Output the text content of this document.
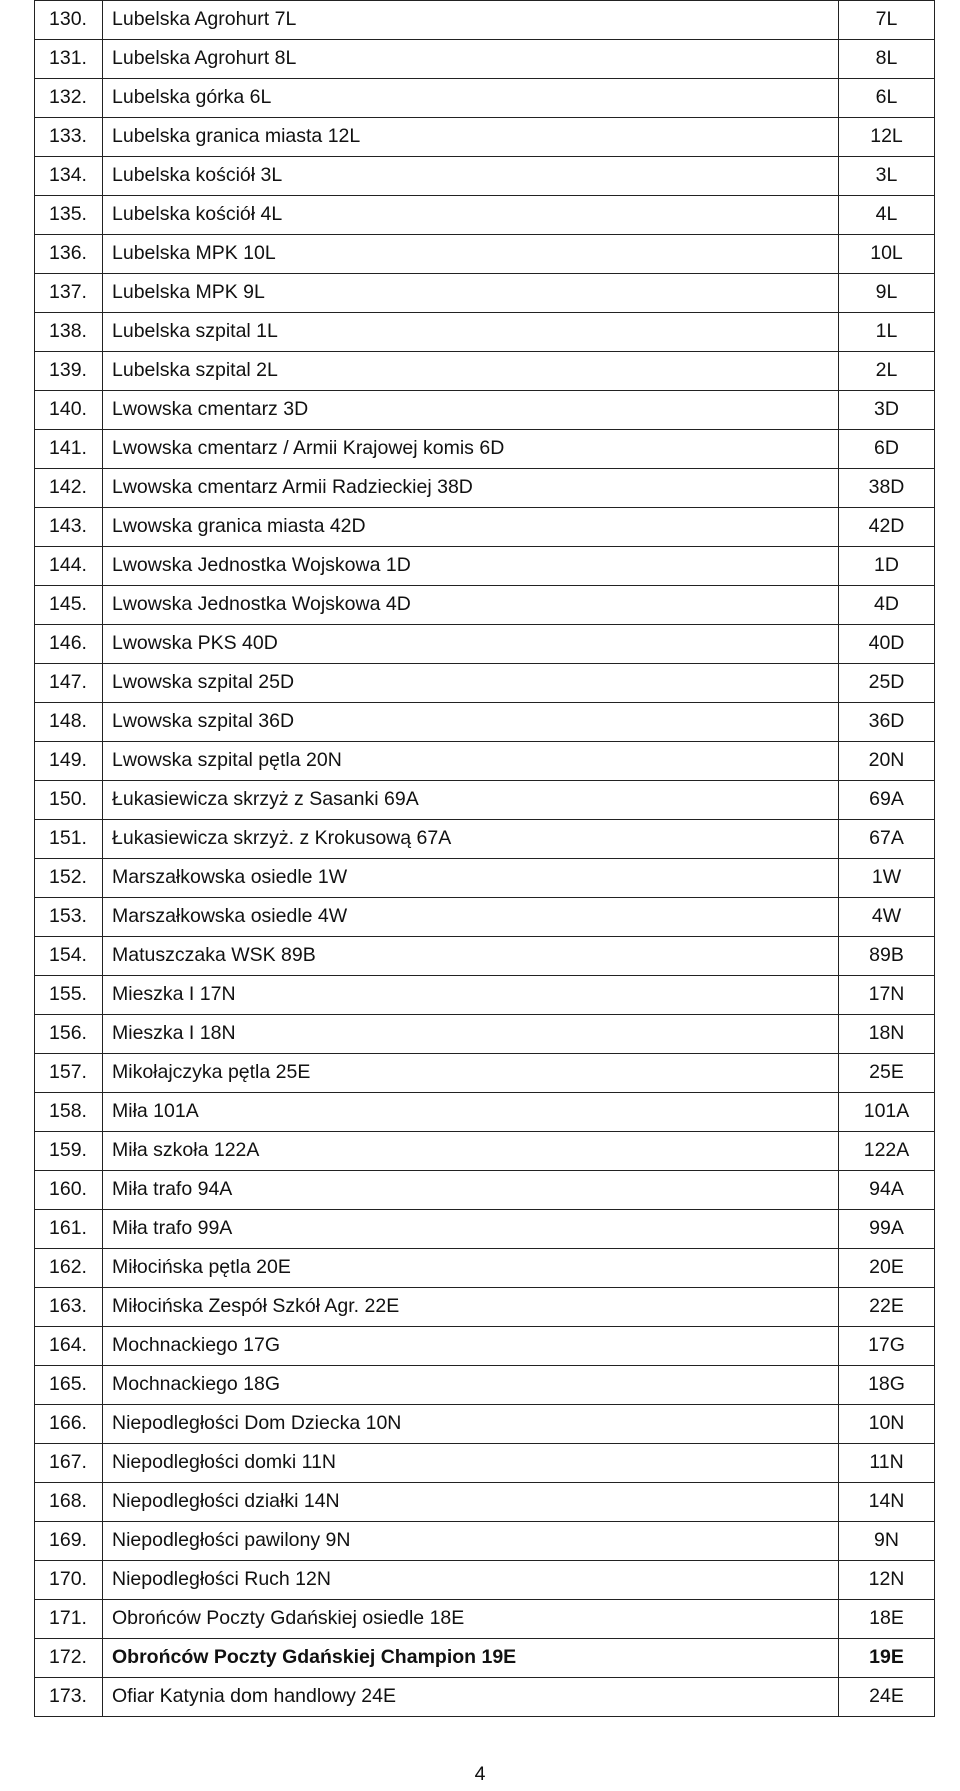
130.	Lubelska Agrohurt 7L	7L
131.	Lubelska Agrohurt 8L	8L
132.	Lubelska górka 6L	6L
133.	Lubelska granica miasta 12L	12L
134.	Lubelska kościół 3L	3L
135.	Lubelska kościół 4L	4L
136.	Lubelska MPK 10L	10L
137.	Lubelska MPK 9L	9L
138.	Lubelska szpital 1L	1L
139.	Lubelska szpital 2L	2L
140.	Lwowska cmentarz 3D	3D
141.	Lwowska cmentarz / Armii Krajowej komis 6D	6D
142.	Lwowska cmentarz Armii Radzieckiej 38D	38D
143.	Lwowska granica miasta 42D	42D
144.	Lwowska Jednostka Wojskowa 1D	1D
145.	Lwowska Jednostka Wojskowa 4D	4D
146.	Lwowska PKS 40D	40D
147.	Lwowska szpital 25D	25D
148.	Lwowska szpital 36D	36D
149.	Lwowska szpital pętla 20N	20N
150.	Łukasiewicza skrzyż z Sasanki 69A	69A
151.	Łukasiewicza skrzyż. z Krokusową 67A	67A
152.	Marszałkowska osiedle 1W	1W
153.	Marszałkowska osiedle 4W	4W
154.	Matuszczaka WSK 89B	89B
155.	Mieszka I 17N	17N
156.	Mieszka I 18N	18N
157.	Mikołajczyka pętla 25E	25E
158.	Miła 101A	101A
159.	Miła szkoła 122A	122A
160.	Miła trafo 94A	94A
161.	Miła trafo 99A	99A
162.	Miłocińska pętla 20E	20E
163.	Miłocińska Zespół Szkół Agr. 22E	22E
164.	Mochnackiego 17G	17G
165.	Mochnackiego 18G	18G
166.	Niepodległości Dom Dziecka 10N	10N
167.	Niepodległości domki 11N	11N
168.	Niepodległości działki 14N	14N
169.	Niepodległości pawilony 9N	9N
170.	Niepodległości Ruch 12N	12N
171.	Obrońców Poczty Gdańskiej osiedle 18E	18E
172.	Obrońców Poczty Gdańskiej Champion 19E	19E
173.	Ofiar Katynia dom handlowy 24E	24E
4
